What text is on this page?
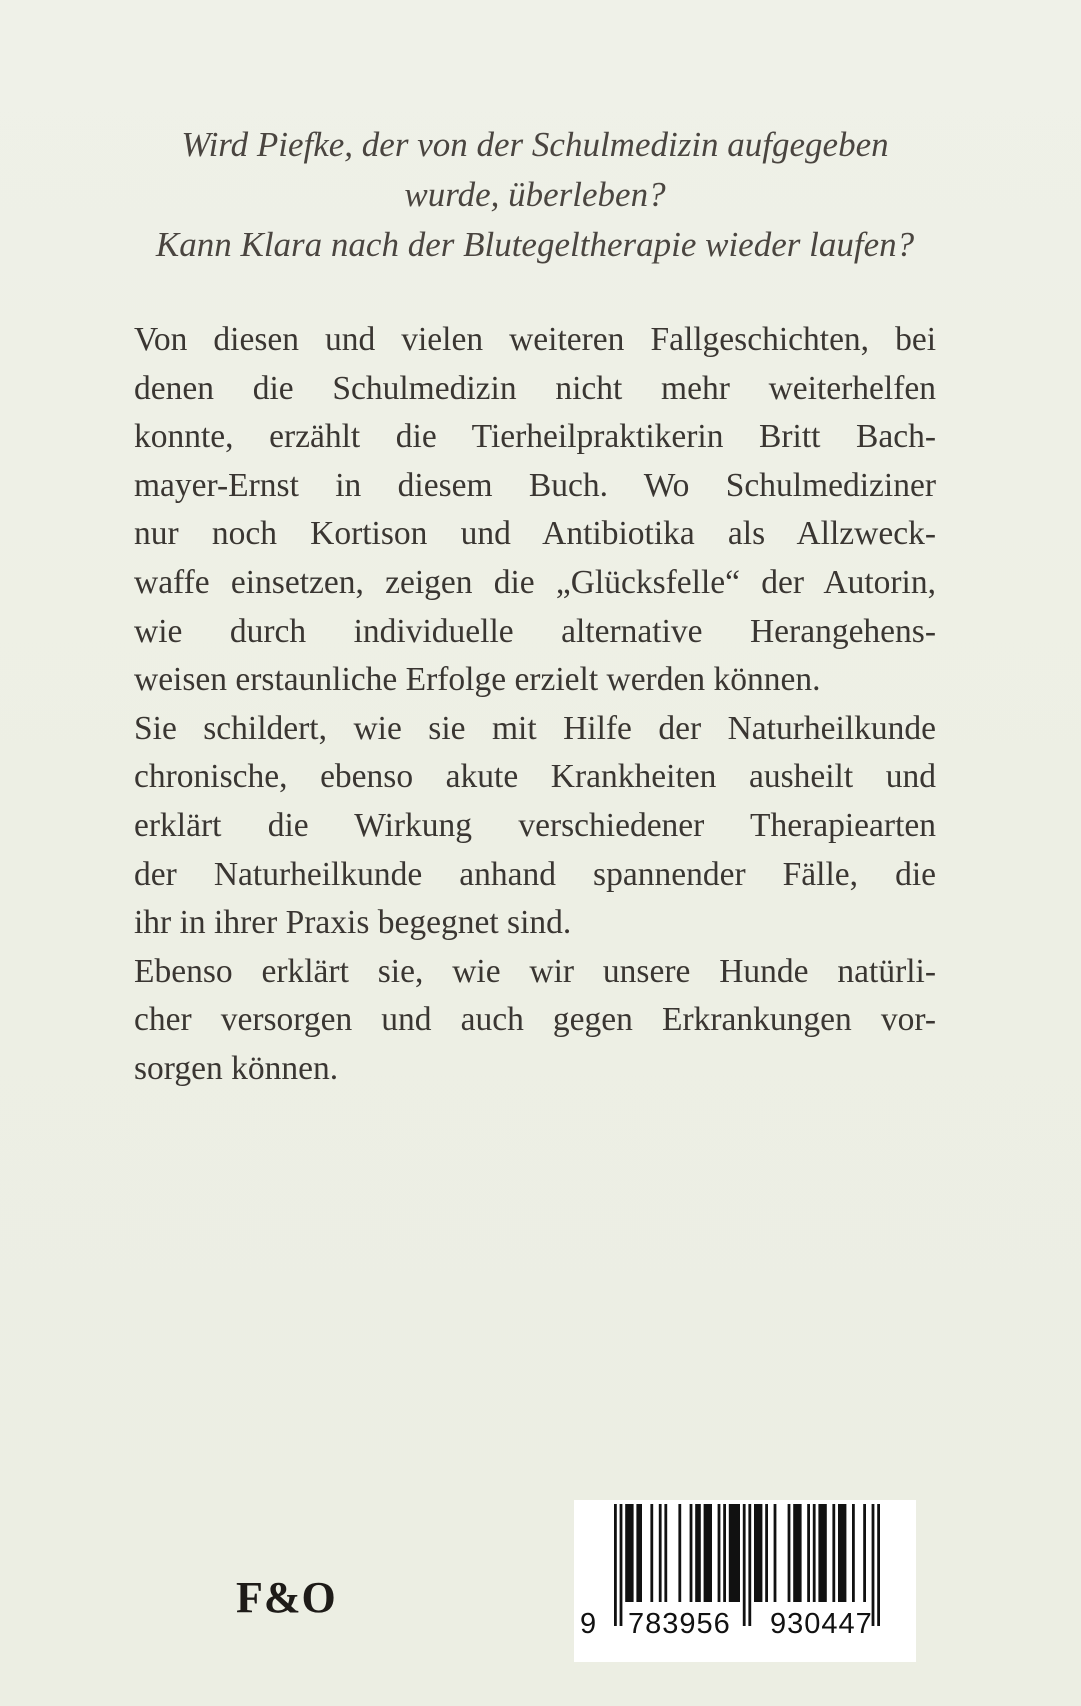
Wird Piefke, der von der Schulmedizin aufgegeben
wurde, überleben?
Kann Klara nach der Blutegeltherapie wieder laufen?
Von diesen und vielen weiteren Fallgeschichten, bei
denen die Schulmedizin nicht mehr weiterhelfen
konnte, erzählt die Tierheilpraktikerin Britt Bach-
mayer-Ernst in diesem Buch. Wo Schulmediziner
nur noch Kortison und Antibiotika als Allzweck-
waffe einsetzen, zeigen die „Glücksfelle“ der Autorin,
wie durch individuelle alternative Herangehens-
weisen erstaunliche Erfolge erzielt werden können.
Sie schildert, wie sie mit Hilfe der Naturheilkunde
chronische, ebenso akute Krankheiten ausheilt und
erklärt die Wirkung verschiedener Therapiearten
der Naturheilkunde anhand spannender Fälle, die
ihr in ihrer Praxis begegnet sind.
Ebenso erklärt sie, wie wir unsere Hunde natürli-
cher versorgen und auch gegen Erkrankungen vor-
sorgen können.
F&O
9 783956 930447
